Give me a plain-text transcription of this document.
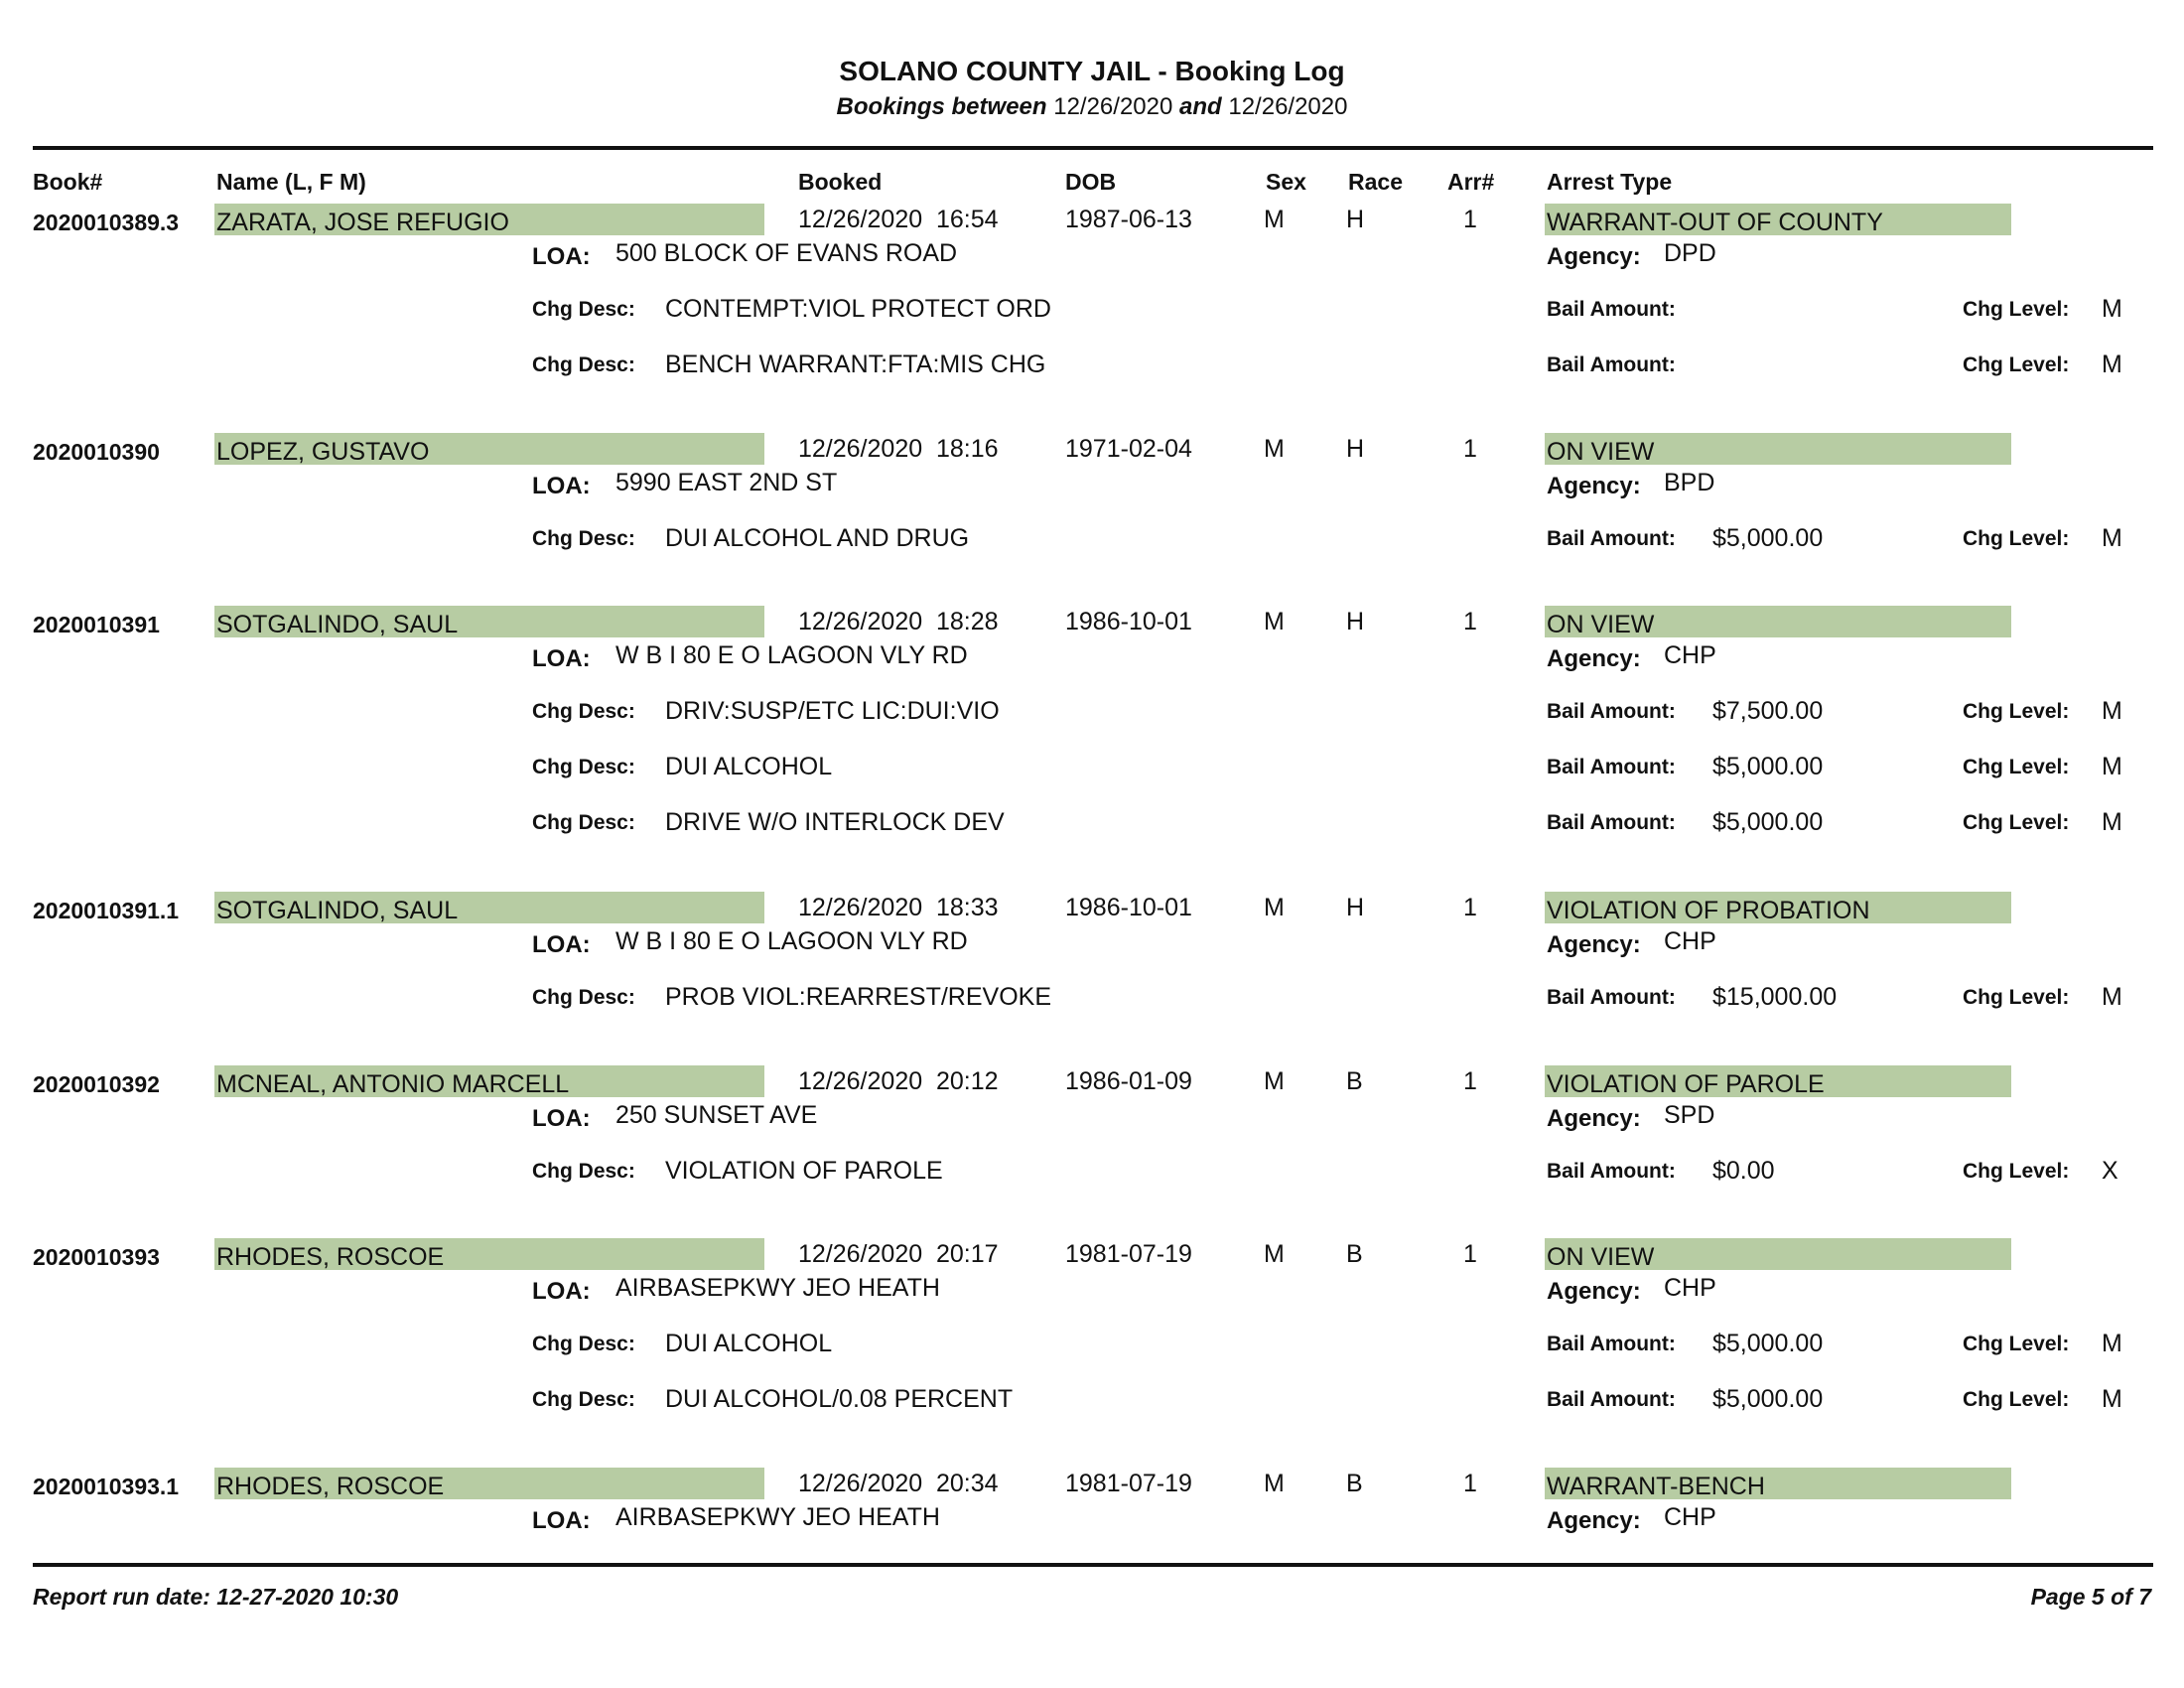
SOLANO COUNTY JAIL - Booking Log
Bookings between 12/26/2020 and 12/26/2020
Book#	Name (L, F M)	Booked	DOB	Sex Race Arr# Arrest Type
2020010389.3 ZARATA, JOSE REFUGIO	12/26/2020 16:54	1987-06-13	M H	1	WARRANT-OUT OF COUNTY
LOA: 500 BLOCK OF EVANS ROAD	Agency: DPD
Chg Desc: CONTEMPT:VIOL PROTECT ORD	Bail Amount:	Chg Level: M
Chg Desc: BENCH WARRANT:FTA:MIS CHG	Bail Amount:	Chg Level: M
2020010390 LOPEZ, GUSTAVO	12/26/2020 18:16	1971-02-04	M H	1	ON VIEW
LOA: 5990 EAST 2ND ST	Agency: BPD
Chg Desc: DUI ALCOHOL AND DRUG	Bail Amount: $5,000.00	Chg Level: M
2020010391 SOTGALINDO, SAUL	12/26/2020 18:28	1986-10-01	M H	1	ON VIEW
LOA: W B I 80 E O LAGOON VLY RD	Agency: CHP
Chg Desc: DRIV:SUSP/ETC LIC:DUI:VIO	Bail Amount: $7,500.00	Chg Level: M
Chg Desc: DUI ALCOHOL	Bail Amount: $5,000.00	Chg Level: M
Chg Desc: DRIVE W/O INTERLOCK DEV	Bail Amount: $5,000.00	Chg Level: M
2020010391.1 SOTGALINDO, SAUL	12/26/2020 18:33	1986-10-01	M H	1	VIOLATION OF PROBATION
LOA: W B I 80 E O LAGOON VLY RD	Agency: CHP
Chg Desc: PROB VIOL:REARREST/REVOKE	Bail Amount: $15,000.00	Chg Level: M
2020010392 MCNEAL, ANTONIO MARCELL	12/26/2020 20:12	1986-01-09	M B	1	VIOLATION OF PAROLE
LOA: 250 SUNSET AVE	Agency: SPD
Chg Desc: VIOLATION OF PAROLE	Bail Amount: $0.00	Chg Level: X
2020010393 RHODES, ROSCOE	12/26/2020 20:17	1981-07-19	M B	1	ON VIEW
LOA: AIRBASEPKWY JEO HEATH	Agency: CHP
Chg Desc: DUI ALCOHOL	Bail Amount: $5,000.00	Chg Level: M
Chg Desc: DUI ALCOHOL/0.08 PERCENT	Bail Amount: $5,000.00	Chg Level: M
2020010393.1 RHODES, ROSCOE	12/26/2020 20:34	1981-07-19	M B	1	WARRANT-BENCH
LOA: AIRBASEPKWY JEO HEATH	Agency: CHP
Report run date: 12-27-2020 10:30	Page 5 of 7
